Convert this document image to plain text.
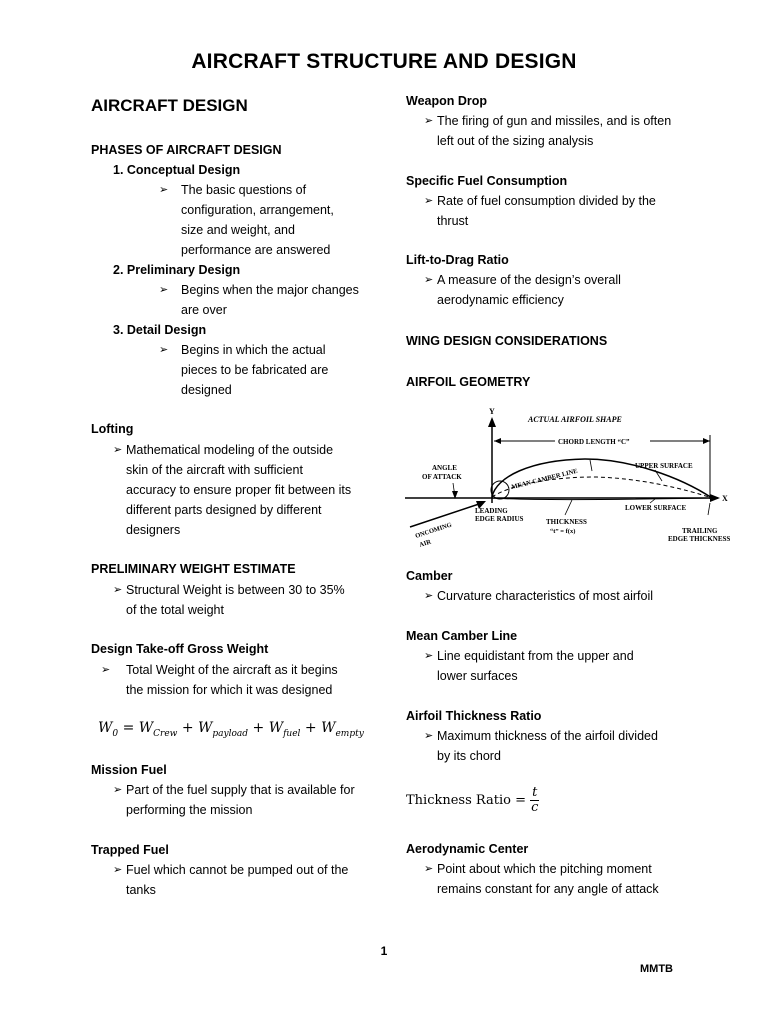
AIRCRAFT STRUCTURE AND DESIGN
AIRCRAFT DESIGN
PHASES OF AIRCRAFT DESIGN
1. Conceptual Design
➢ The basic questions of
configuration, arrangement,
size and weight, and
performance are answered
2. Preliminary Design
➢ Begins when the major changes
are over
3. Detail Design
➢ Begins in which the actual
pieces to be fabricated are
designed
Lofting
➢ Mathematical modeling of the outside
skin of the aircraft with sufficient
accuracy to ensure proper fit between its
different parts designed by different
designers
PRELIMINARY WEIGHT ESTIMATE
➢ Structural Weight is between 30 to 35%
of the total weight
Design Take-off Gross Weight
➢ Total Weight of the aircraft as it begins
the mission for which it was designed
$W_0 = W_{Crew} + W_{payload} + W_{fuel} + W_{empty}$
Mission Fuel
➢ Part of the fuel supply that is available for
performing the mission
Trapped Fuel
➢ Fuel which cannot be pumped out of the
tanks
Weapon Drop
➢ The firing of gun and missiles, and is often
left out of the sizing analysis
Specific Fuel Consumption
➢ Rate of fuel consumption divided by the
thrust
Lift-to-Drag Ratio
➢ A measure of the design’s overall
aerodynamic efficiency
WING DESIGN CONSIDERATIONS
AIRFOIL GEOMETRY
Camber
➢ Curvature characteristics of most airfoil
Mean Camber Line
➢ Line equidistant from the upper and
lower surfaces
Airfoil Thickness Ratio
➢ Maximum thickness of the airfoil divided
by its chord
Thickness Ratio = $\frac{t}{c}$
Aerodynamic Center
➢ Point about which the pitching moment
remains constant for any angle of attack
Y
X
ACTUAL AIRFOIL SHAPE
CHORD LENGTH “C”
UPPER SURFACE
MEAN CAMBER LINE
ANGLE
OF ATTACK
LOWER SURFACE
LEADING
EDGE RADIUS	THICKNESS
“t” = f(x)	TRAILING
EDGE THICKNESS
ONCOMING
AIR
1
MMTB
